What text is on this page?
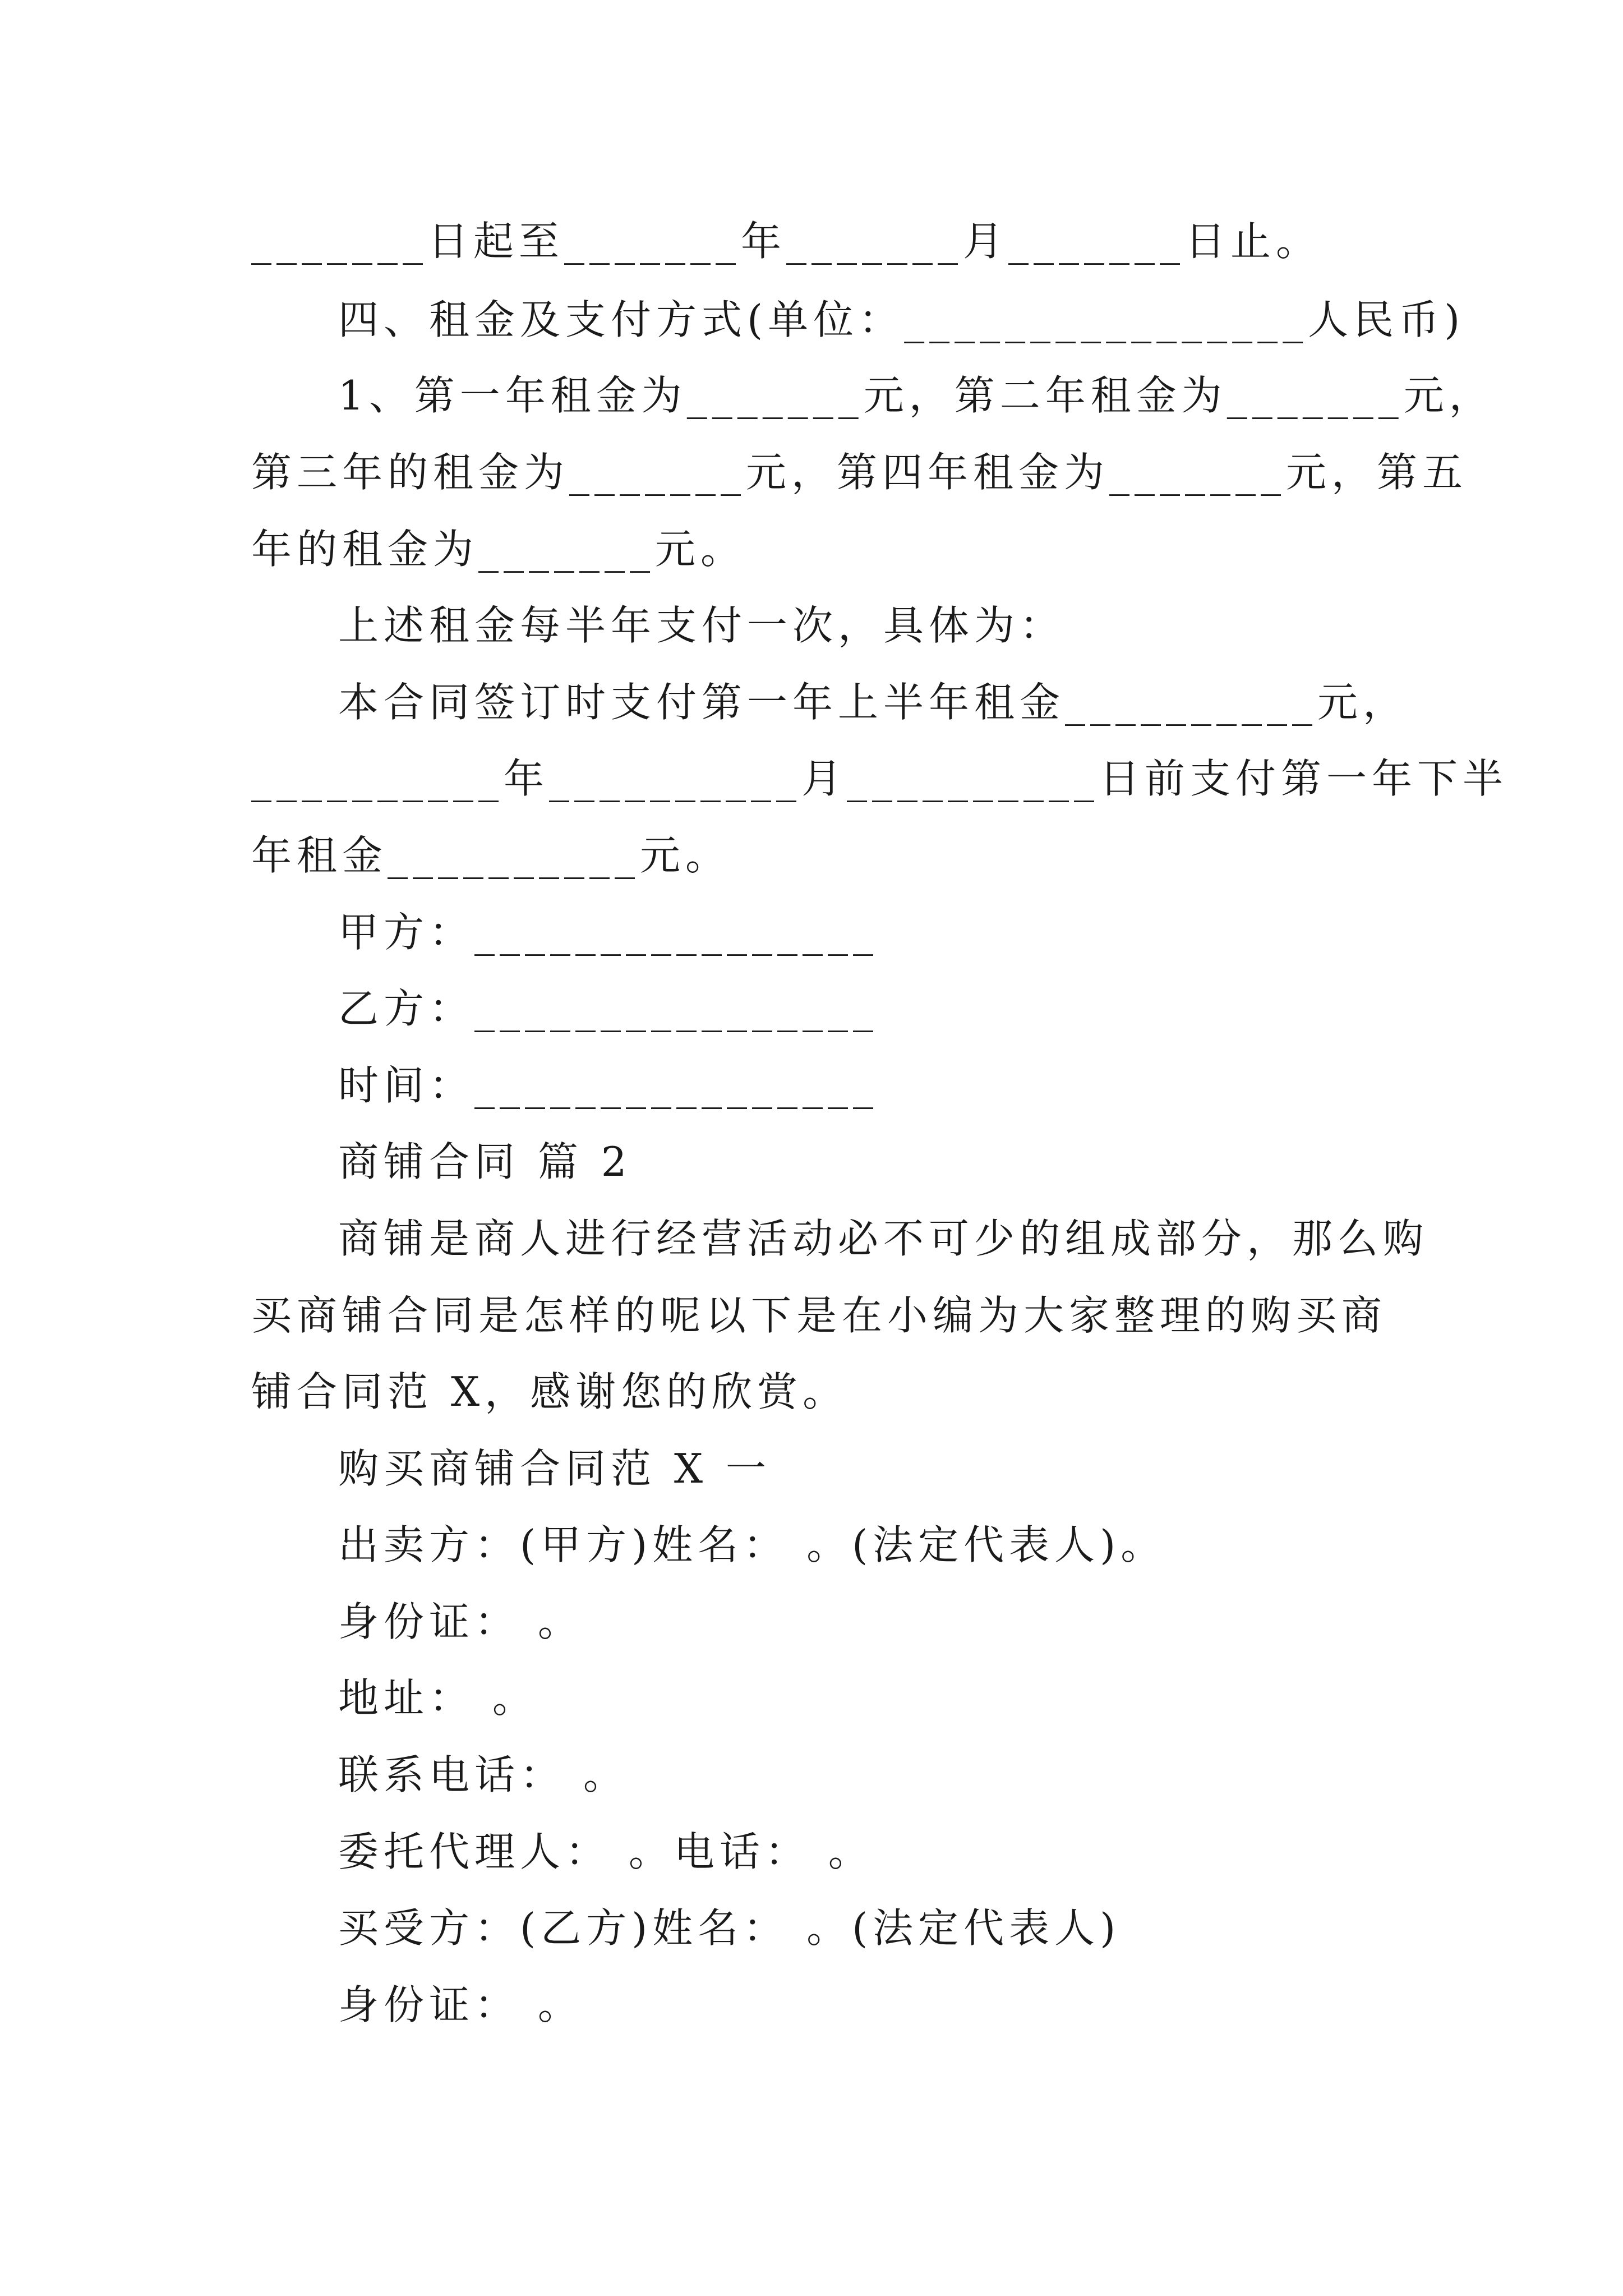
_______日起至_______年_______月_______日止。
四、租金及支付方式(单位：________________人民币)
1、第一年租金为_______元，第二年租金为_______元，
第三年的租金为_______元，第四年租金为_______元，第五
年的租金为_______元。
上述租金每半年支付一次，具体为：
本合同签订时支付第一年上半年租金__________元，
__________年__________月__________日前支付第一年下半
年租金__________元。
甲方：________________
乙方：________________
时间：________________
商铺合同 篇 2
商铺是商人进行经营活动必不可少的组成部分，那么购
买商铺合同是怎样的呢以下是在小编为大家整理的购买商
铺合同范 X，感谢您的欣赏。
购买商铺合同范 X 一
出卖方：(甲方)姓名： 。(法定代表人)。
身份证： 。
地址： 。
联系电话： 。
委托代理人： 。电话： 。
买受方：(乙方)姓名： 。(法定代表人)
身份证： 。
